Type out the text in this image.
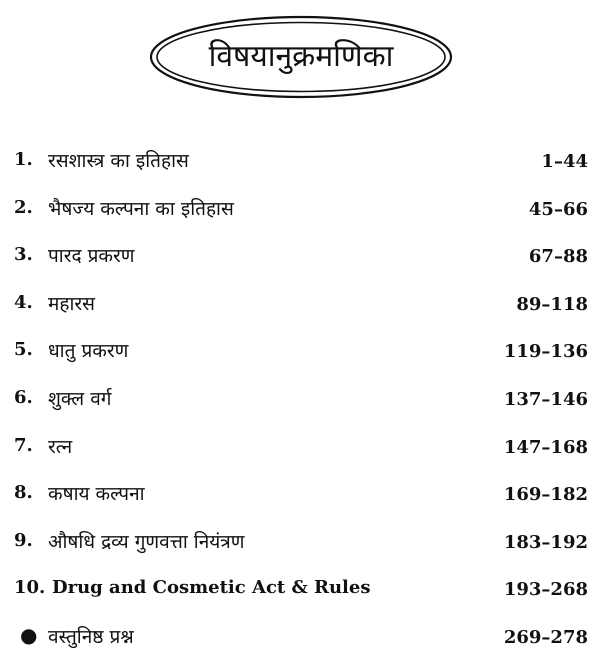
विषयानुक्रमणिका
1. रसशास्त्र का इतिहास	1–44
2. भैषज्य कल्पना का इतिहास	45–66
3. पारद प्रकरण	67–88
4. महारस	89–118
5. धातु प्रकरण	119–136
6. शुक्ल वर्ग	137–146
7. रत्न	147–168
8. कषाय कल्पना	169–182
9. औषधि द्रव्य गुणवत्ता नियंत्रण	183–192
10. Drug and Cosmetic Act & Rules	193–268
● वस्तुनिष्ठ प्रश्न	269–278
